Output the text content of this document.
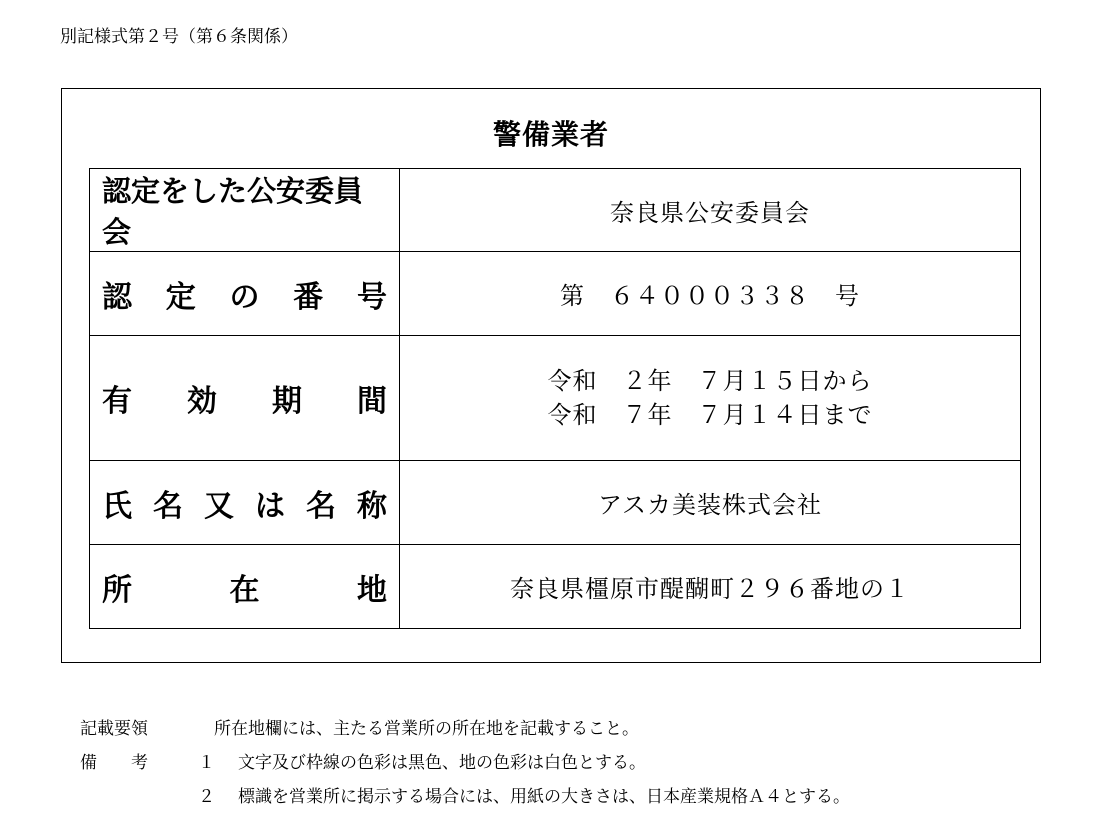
別記様式第２号（第６条関係）
警備業者
認定をした公安委員会	奈良県公安委員会
認定の番号	第　６４０００３３８　号
有効期間	令和　２年　７月１５日から
令和　７年　７月１４日まで

氏名又は名称	アスカ美装株式会社
所在地	奈良県橿原市醍醐町２９６番地の１
記載要領	所在地欄には、主たる営業所の所在地を記載すること。
備　　考	１	文字及び枠線の色彩は黒色、地の色彩は白色とする。
２	標識を営業所に掲示する場合には、用紙の大きさは、日本産業規格Ａ４とする。
